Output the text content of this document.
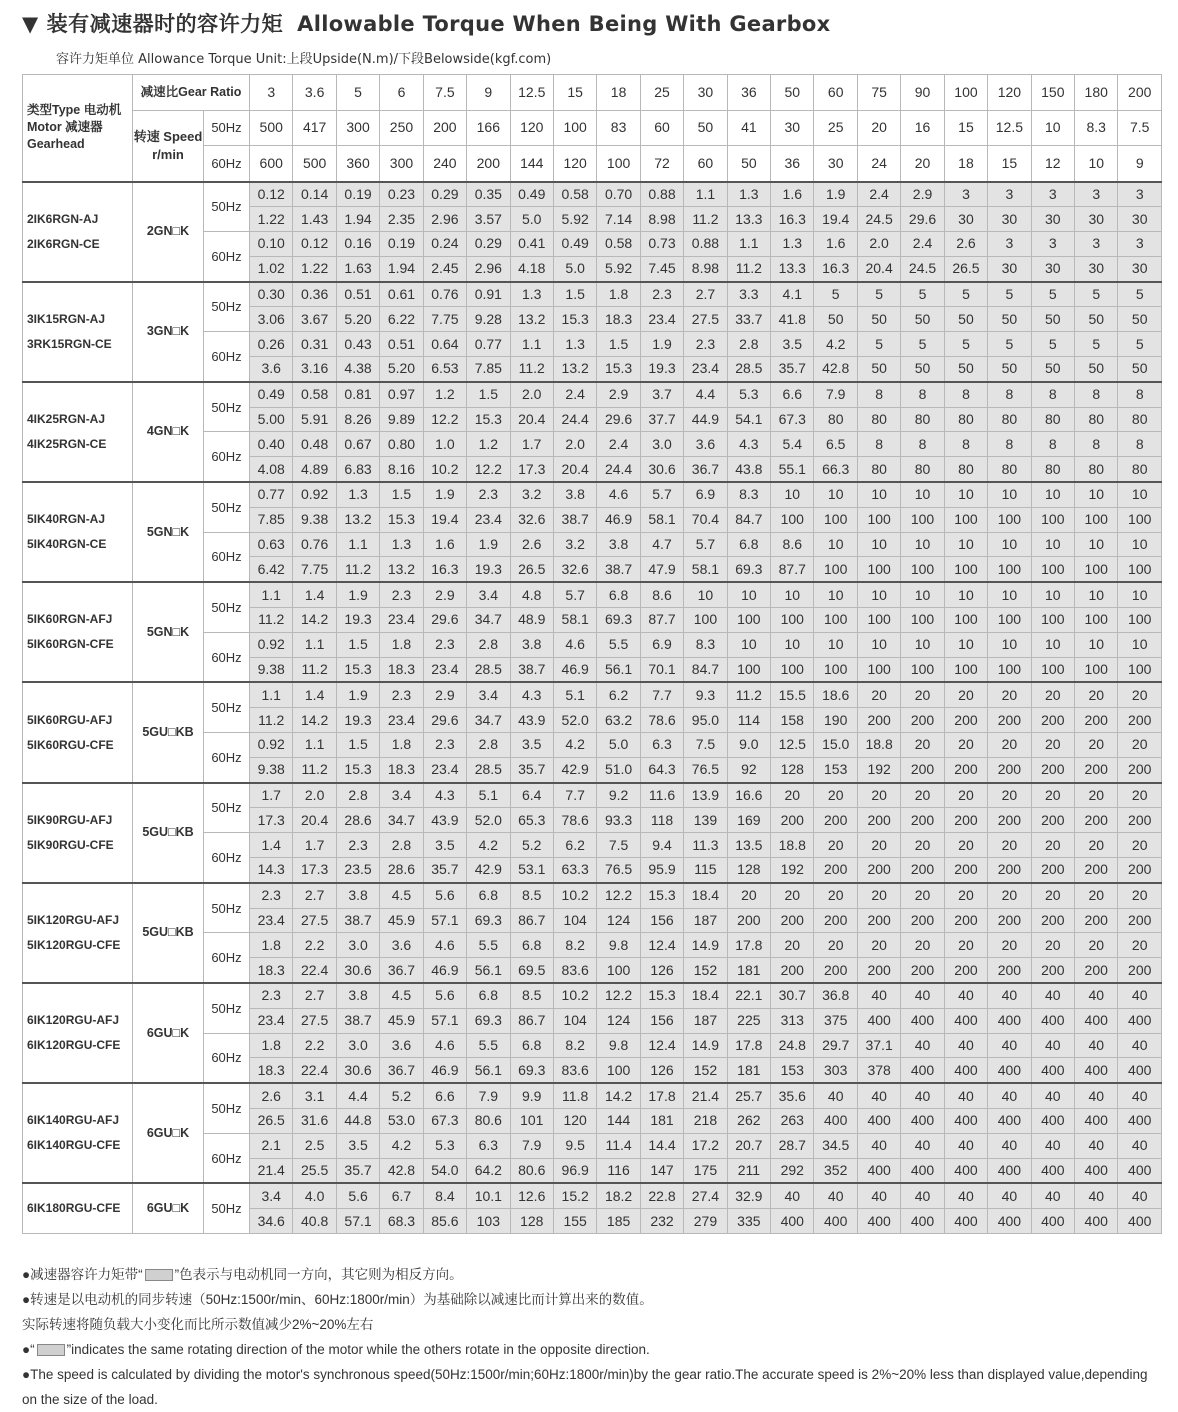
▼ 装有减速器时的容许力矩 Allowable Torque When Being With Gearbox
容许力矩单位 Allowance Torque Unit:上段Upside(N.m)/下段Belowside(kgf.com)
类型Type 电动机Motor 减速器 Gearhead	减速比Gear Ratio		3	3.6	5	6	7.5	9	12.5	15	18	25	30	36	50	60	75	90	100	120	150	180	200
	转速 Speed r/min	50Hz	500	417	300	250	200	166	120	100	83	60	50	41	30	25	20	16	15	12.5	10	8.3	7.5
		60Hz	600	500	360	300	240	200	144	120	100	72	60	50	36	30	24	20	18	15	12	10	9

2IK6RGN-AJ
2IK6RGN-CE	2GN□K	50Hz	0.12	0.14	0.19	0.23	0.29	0.35	0.49	0.58	0.70	0.88	1.1	1.3	1.6	1.9	2.4	2.9	3	3	3	3	3
			1.22	1.43	1.94	2.35	2.96	3.57	5.0	5.92	7.14	8.98	11.2	13.3	16.3	19.4	24.5	29.6	30	30	30	30	30
		60Hz	0.10	0.12	0.16	0.19	0.24	0.29	0.41	0.49	0.58	0.73	0.88	1.1	1.3	1.6	2.0	2.4	2.6	3	3	3	3
			1.02	1.22	1.63	1.94	2.45	2.96	4.18	5.0	5.92	7.45	8.98	11.2	13.3	16.3	20.4	24.5	26.5	30	30	30	30

3IK15RGN-AJ
3RK15RGN-CE	3GN□K	50Hz	0.30	0.36	0.51	0.61	0.76	0.91	1.3	1.5	1.8	2.3	2.7	3.3	4.1	5	5	5	5	5	5	5	5
			3.06	3.67	5.20	6.22	7.75	9.28	13.2	15.3	18.3	23.4	27.5	33.7	41.8	50	50	50	50	50	50	50	50
		60Hz	0.26	0.31	0.43	0.51	0.64	0.77	1.1	1.3	1.5	1.9	2.3	2.8	3.5	4.2	5	5	5	5	5	5	5
			3.6	3.16	4.38	5.20	6.53	7.85	11.2	13.2	15.3	19.3	23.4	28.5	35.7	42.8	50	50	50	50	50	50	50

4IK25RGN-AJ
4IK25RGN-CE	4GN□K	50Hz	0.49	0.58	0.81	0.97	1.2	1.5	2.0	2.4	2.9	3.7	4.4	5.3	6.6	7.9	8	8	8	8	8	8	8
			5.00	5.91	8.26	9.89	12.2	15.3	20.4	24.4	29.6	37.7	44.9	54.1	67.3	80	80	80	80	80	80	80	80
		60Hz	0.40	0.48	0.67	0.80	1.0	1.2	1.7	2.0	2.4	3.0	3.6	4.3	5.4	6.5	8	8	8	8	8	8	8
			4.08	4.89	6.83	8.16	10.2	12.2	17.3	20.4	24.4	30.6	36.7	43.8	55.1	66.3	80	80	80	80	80	80	80

5IK40RGN-AJ
5IK40RGN-CE	5GN□K	50Hz	0.77	0.92	1.3	1.5	1.9	2.3	3.2	3.8	4.6	5.7	6.9	8.3	10	10	10	10	10	10	10	10	10
			7.85	9.38	13.2	15.3	19.4	23.4	32.6	38.7	46.9	58.1	70.4	84.7	100	100	100	100	100	100	100	100	100
		60Hz	0.63	0.76	1.1	1.3	1.6	1.9	2.6	3.2	3.8	4.7	5.7	6.8	8.6	10	10	10	10	10	10	10	10
			6.42	7.75	11.2	13.2	16.3	19.3	26.5	32.6	38.7	47.9	58.1	69.3	87.7	100	100	100	100	100	100	100	100

5IK60RGN-AFJ
5IK60RGN-CFE	5GN□K	50Hz	1.1	1.4	1.9	2.3	2.9	3.4	4.8	5.7	6.8	8.6	10	10	10	10	10	10	10	10	10	10	10
			11.2	14.2	19.3	23.4	29.6	34.7	48.9	58.1	69.3	87.7	100	100	100	100	100	100	100	100	100	100	100
		60Hz	0.92	1.1	1.5	1.8	2.3	2.8	3.8	4.6	5.5	6.9	8.3	10	10	10	10	10	10	10	10	10	10
			9.38	11.2	15.3	18.3	23.4	28.5	38.7	46.9	56.1	70.1	84.7	100	100	100	100	100	100	100	100	100	100

5IK60RGU-AFJ
5IK60RGU-CFE	5GU□KB	50Hz	1.1	1.4	1.9	2.3	2.9	3.4	4.3	5.1	6.2	7.7	9.3	11.2	15.5	18.6	20	20	20	20	20	20	20
			11.2	14.2	19.3	23.4	29.6	34.7	43.9	52.0	63.2	78.6	95.0	114	158	190	200	200	200	200	200	200	200
		60Hz	0.92	1.1	1.5	1.8	2.3	2.8	3.5	4.2	5.0	6.3	7.5	9.0	12.5	15.0	18.8	20	20	20	20	20	20
			9.38	11.2	15.3	18.3	23.4	28.5	35.7	42.9	51.0	64.3	76.5	92	128	153	192	200	200	200	200	200	200

5IK90RGU-AFJ
5IK90RGU-CFE	5GU□KB	50Hz	1.7	2.0	2.8	3.4	4.3	5.1	6.4	7.7	9.2	11.6	13.9	16.6	20	20	20	20	20	20	20	20	20
			17.3	20.4	28.6	34.7	43.9	52.0	65.3	78.6	93.3	118	139	169	200	200	200	200	200	200	200	200	200
		60Hz	1.4	1.7	2.3	2.8	3.5	4.2	5.2	6.2	7.5	9.4	11.3	13.5	18.8	20	20	20	20	20	20	20	20
			14.3	17.3	23.5	28.6	35.7	42.9	53.1	63.3	76.5	95.9	115	128	192	200	200	200	200	200	200	200	200

5IK120RGU-AFJ
5IK120RGU-CFE	5GU□KB	50Hz	2.3	2.7	3.8	4.5	5.6	6.8	8.5	10.2	12.2	15.3	18.4	20	20	20	20	20	20	20	20	20	20
			23.4	27.5	38.7	45.9	57.1	69.3	86.7	104	124	156	187	200	200	200	200	200	200	200	200	200	200
		60Hz	1.8	2.2	3.0	3.6	4.6	5.5	6.8	8.2	9.8	12.4	14.9	17.8	20	20	20	20	20	20	20	20	20
			18.3	22.4	30.6	36.7	46.9	56.1	69.5	83.6	100	126	152	181	200	200	200	200	200	200	200	200	200

6IK120RGU-AFJ
6IK120RGU-CFE	6GU□K	50Hz	2.3	2.7	3.8	4.5	5.6	6.8	8.5	10.2	12.2	15.3	18.4	22.1	30.7	36.8	40	40	40	40	40	40	40
			23.4	27.5	38.7	45.9	57.1	69.3	86.7	104	124	156	187	225	313	375	400	400	400	400	400	400	400
		60Hz	1.8	2.2	3.0	3.6	4.6	5.5	6.8	8.2	9.8	12.4	14.9	17.8	24.8	29.7	37.1	40	40	40	40	40	40
			18.3	22.4	30.6	36.7	46.9	56.1	69.3	83.6	100	126	152	181	153	303	378	400	400	400	400	400	400

6IK140RGU-AFJ
6IK140RGU-CFE	6GU□K	50Hz	2.6	3.1	4.4	5.2	6.6	7.9	9.9	11.8	14.2	17.8	21.4	25.7	35.6	40	40	40	40	40	40	40	40
			26.5	31.6	44.8	53.0	67.3	80.6	101	120	144	181	218	262	263	400	400	400	400	400	400	400	400
		60Hz	2.1	2.5	3.5	4.2	5.3	6.3	7.9	9.5	11.4	14.4	17.2	20.7	28.7	34.5	40	40	40	40	40	40	40
			21.4	25.5	35.7	42.8	54.0	64.2	80.6	96.9	116	147	175	211	292	352	400	400	400	400	400	400	400

6IK180RGU-CFE	6GU□K	50Hz	3.4	4.0	5.6	6.7	8.4	10.1	12.6	15.2	18.2	22.8	27.4	32.9	40	40	40	40	40	40	40	40	40
			34.6	40.8	57.1	68.3	85.6	103	128	155	185	232	279	335	400	400	400	400	400	400	400	400	400
●减速器容许力矩带“ ”色表示与电动机同一方向，其它则为相反方向。
●转速是以电动机的同步转速（50Hz:1500r/min、60Hz:1800r/min）为基础除以减速比而计算出来的数值。
实际转速将随负载大小变化而比所示数值减少2%~20%左右
●“ ”indicates the same rotating direction of the motor while the others rotate in the opposite direction.
●The speed is calculated by dividing the motor's synchronous speed(50Hz:1500r/min;60Hz:1800r/min)by the gear ratio.The accurate speed is 2%~20% less than displayed value,depending on the size of the load.
